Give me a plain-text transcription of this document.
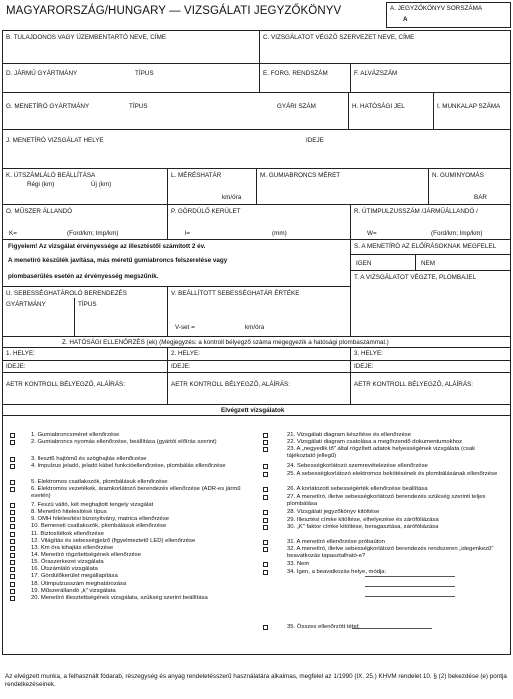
MAGYARORSZÁG/HUNGARY — VIZSGÁLATI JEGYZŐKÖNYV	A. JEGYZŐKÖNYV SORSZÁMA
A
B. TULAJDONOS VAGY ÜZEMBENTARTÓ NEVE, CÍME	C. VIZSGÁLATOT VÉGZŐ SZERVEZET NEVE, CÍME
D. JÁRMŰ GYÁRTMÁNY	TÍPUS	E. FORG. RENDSZÁM	F. ALVÁZSZÁM
G. MENETÍRÓ GYÁRTMÁNY	TÍPUS	GYÁRI SZÁM	H. HATÓSÁGI JEL	I. MUNKALAP SZÁMA
J. MENETÍRÓ VIZSGÁLAT HELYE	IDEJE
K. ÚTSZÁMLÁLÓ BEÁLLÍTÁSA
Régi (km)	Új (km)
L. MÉRÉSHATÁR
km/óra
M. GUMIABRONCS MÉRET	N. GUMINYOMÁS
BAR
O. MŰSZER ÁLLANDÓ
K=	(Ford/km; Imp/km)
P. GÖRDÜLŐ KERÜLET
l=	(mm)
R. ÚTIMPULZUSSZÁM /JÁRMŰÁLLANDÓ /
W=	(Ford/km; Imp/km)
Figyelem! Az vizsgálat érvényessége az illesztéstől számított 2 év.
A menetíró készülék javítása, más méretű gumiabroncs felszerelése vagy
plombasérülés esetén az érvényesség megszűnik.
S. A MENETÍRÓ AZ ELŐÍRÁSOKNAK MEGFELEL
IGEN	NEM
T. A VIZSGÁLATOT VÉGZTE, PLOMBAJEL
U. SEBESSÉGHATÁROLÓ BERENDEZÉS
GYÁRTMÁNY	TÍPUS
V. BEÁLLÍTOTT SEBESSÉGHATÁR ÉRTÉKE
V-set =	km/óra
Z. HATÓSÁGI ELLENŐRZÉS (ek) (Megjegyzés: a kontroll bélyegző száma megegyezik a hatósági plombaszámmal.)
1. HELYE:
IDEJE:
AETR KONTROLL BÉLYEGZŐ, ALÁÍRÁS:
2. HELYE:
IDEJE:
AETR KONTROLL BÉLYEGZŐ, ALÁÍRÁS:
3. HELYE:
IDEJE:
AETR KONTROLL BÉLYEGZŐ, ALÁÍRÁS:
Elvégzett vizsgálatok
1. Gumiabroncsméret ellenőrzése
2. Gumiabroncs nyomás ellenőrzése, beállítása (gyártói előírás szerint)
3. Ileszt6 hajtómű és szöghajtás ellenőrzése
4. Impulzus jeladó, jeladó kábel funkcióellenőrzése, plombálás ellenőrzése
5. Elektromos csatlakozók, plombálásuk ellenőrzése
6. Elektromos vezetékek, áramkorlátozó berendezés ellenőrzése (ADR-es jármű esetén)
7. Feszü váltó, két meghajtott tengely vizsgálat
8. Menetíró hitelesítésé típus
9. OMH hitelesítési bizonyítvány, matrica ellenőrzése
10. Bemeneti csatlakozók, plombálásuk ellenőrzése
11. Biztosítékok ellenőrzése
12. Világítás és sebességjelző (figyelmeztető LED) ellenőrzése
13. Km óra kihajtás ellenőrzése
14. Menetíró rögzítettségének ellenőrzése
15. Óraszerkezet vizsgálata
16. Útszámláló vizsgálata
17. Gördülőkerület megállapítása
18. Útimpulzusszám meghatározása
19. Műszerállandó „k" vizsgálata
20. Menetíró illesztettségének vizsgálata, szükség szerint beállítása
21. Vizsgálati diagram készítése és ellenőrzése
22. Vizsgálati diagram csatolása a megőrzendő dokumentumokhoz
23. A „negyedik tő" által rögzített adatok helyességének vizsgálata (csak tájékoztató jellegű)
24. Sebességkorlátozó szemrevételezése ellenőrzése
25. A sebességkorlátozó elektromos bekötésének és plombálásának ellenőrzése
26. A korlátozott sebességérték ellenőrzése beállítása
27. A menetíró, illetve sebességkorlátozó berendezés szükség szerinti teljes plombálása
28. Vizsgálati jegyzőkönyv kitöltése
29. Illesztési címke kitöltése, elhelyezése és zárófóliázása
30. „K" faktor címke kitöltése, beragasztása, zárófóliázása
31. A menetíró ellenőrzése próbaúton
32. A menetíró, illetve sebességkorlátozó berendezés rendszeren „idegenkezű" beavatkozás tapasztalható-e?
33. Nem
34. Igen, a beavatkozás helye, módja:
35. Összes ellenőrzött tétel:
Az elvégzett munka, a felhasznált fódarab, részegység és anyag rendeletésszerű használatára alkalmas, megfelel az 1/1990 (IX. 25.) KHVM rendelet 10. § (2) bekezdése (e) pontja rendelkezéseinek.
